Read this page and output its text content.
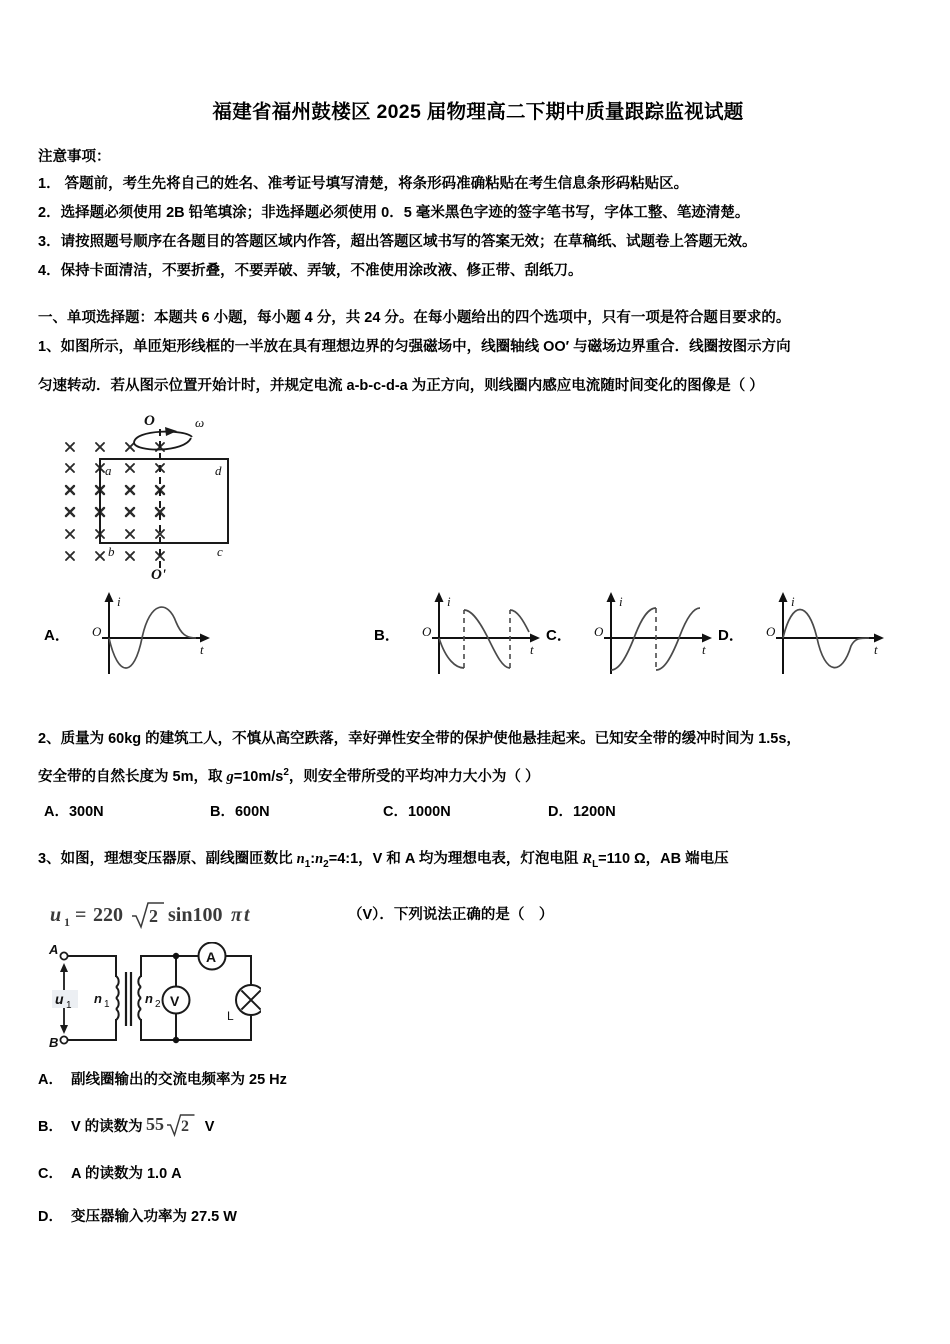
福建省福州鼓楼区 2025 届物理高二下期中质量跟踪监视试题
注意事项：
1． 答题前，考生先将自己的姓名、准考证号填写清楚，将条形码准确粘贴在考生信息条形码粘贴区。
2．选择题必须使用 2B 铅笔填涂；非选择题必须使用 0．5 毫米黑色字迹的签字笔书写，字体工整、笔迹清楚。
3．请按照题号顺序在各题目的答题区域内作答，超出答题区域书写的答案无效；在草稿纸、试题卷上答题无效。
4．保持卡面清洁，不要折叠，不要弄破、弄皱，不准使用涂改液、修正带、刮纸刀。
一、单项选择题：本题共 6 小题，每小题 4 分，共 24 分。在每小题给出的四个选项中，只有一项是符合题目要求的。
1、如图所示，单匝矩形线框的一半放在具有理想边界的匀强磁场中，线圈轴线 OO′ 与磁场边界重合．线圈按图示方向
匀速转动．若从图示位置开始计时，并规定电流 a-b-c-d-a 为正方向，则线圈内感应电流随时间变化的图像是（ ）
O	ω
O'
a	d
b	c
A．
i
O
t
B．
i
O
t
C．
i
O
t
D．
i
O
t
2、质量为 60kg 的建筑工人，不慎从高空跌落，幸好弹性安全带的保护使他悬挂起来。已知安全带的缓冲时间为 1.5s，
安全带的自然长度为 5m，取 $g=10m/s^2$，则安全带所受的平均冲力大小为（ ）
A．300N	B．600N	C．1000N	D．1200N
3、如图，理想变压器原、副线圈匝数比 $n_1:n_2=4:1$，V 和 A 均为理想电表，灯泡电阻 $R_L=110$ Ω，AB 端电压
u 1 = 220 2 sin100 π t	（V）．下列说法正确的是（　）
A
B
u 1 n 1	n 2
A
V
L
A． 副线圈输出的交流电频率为 25 Hz
B． V 的读数为 55 2 V
C． A 的读数为 1.0 A
D． 变压器输入功率为 27.5 W
